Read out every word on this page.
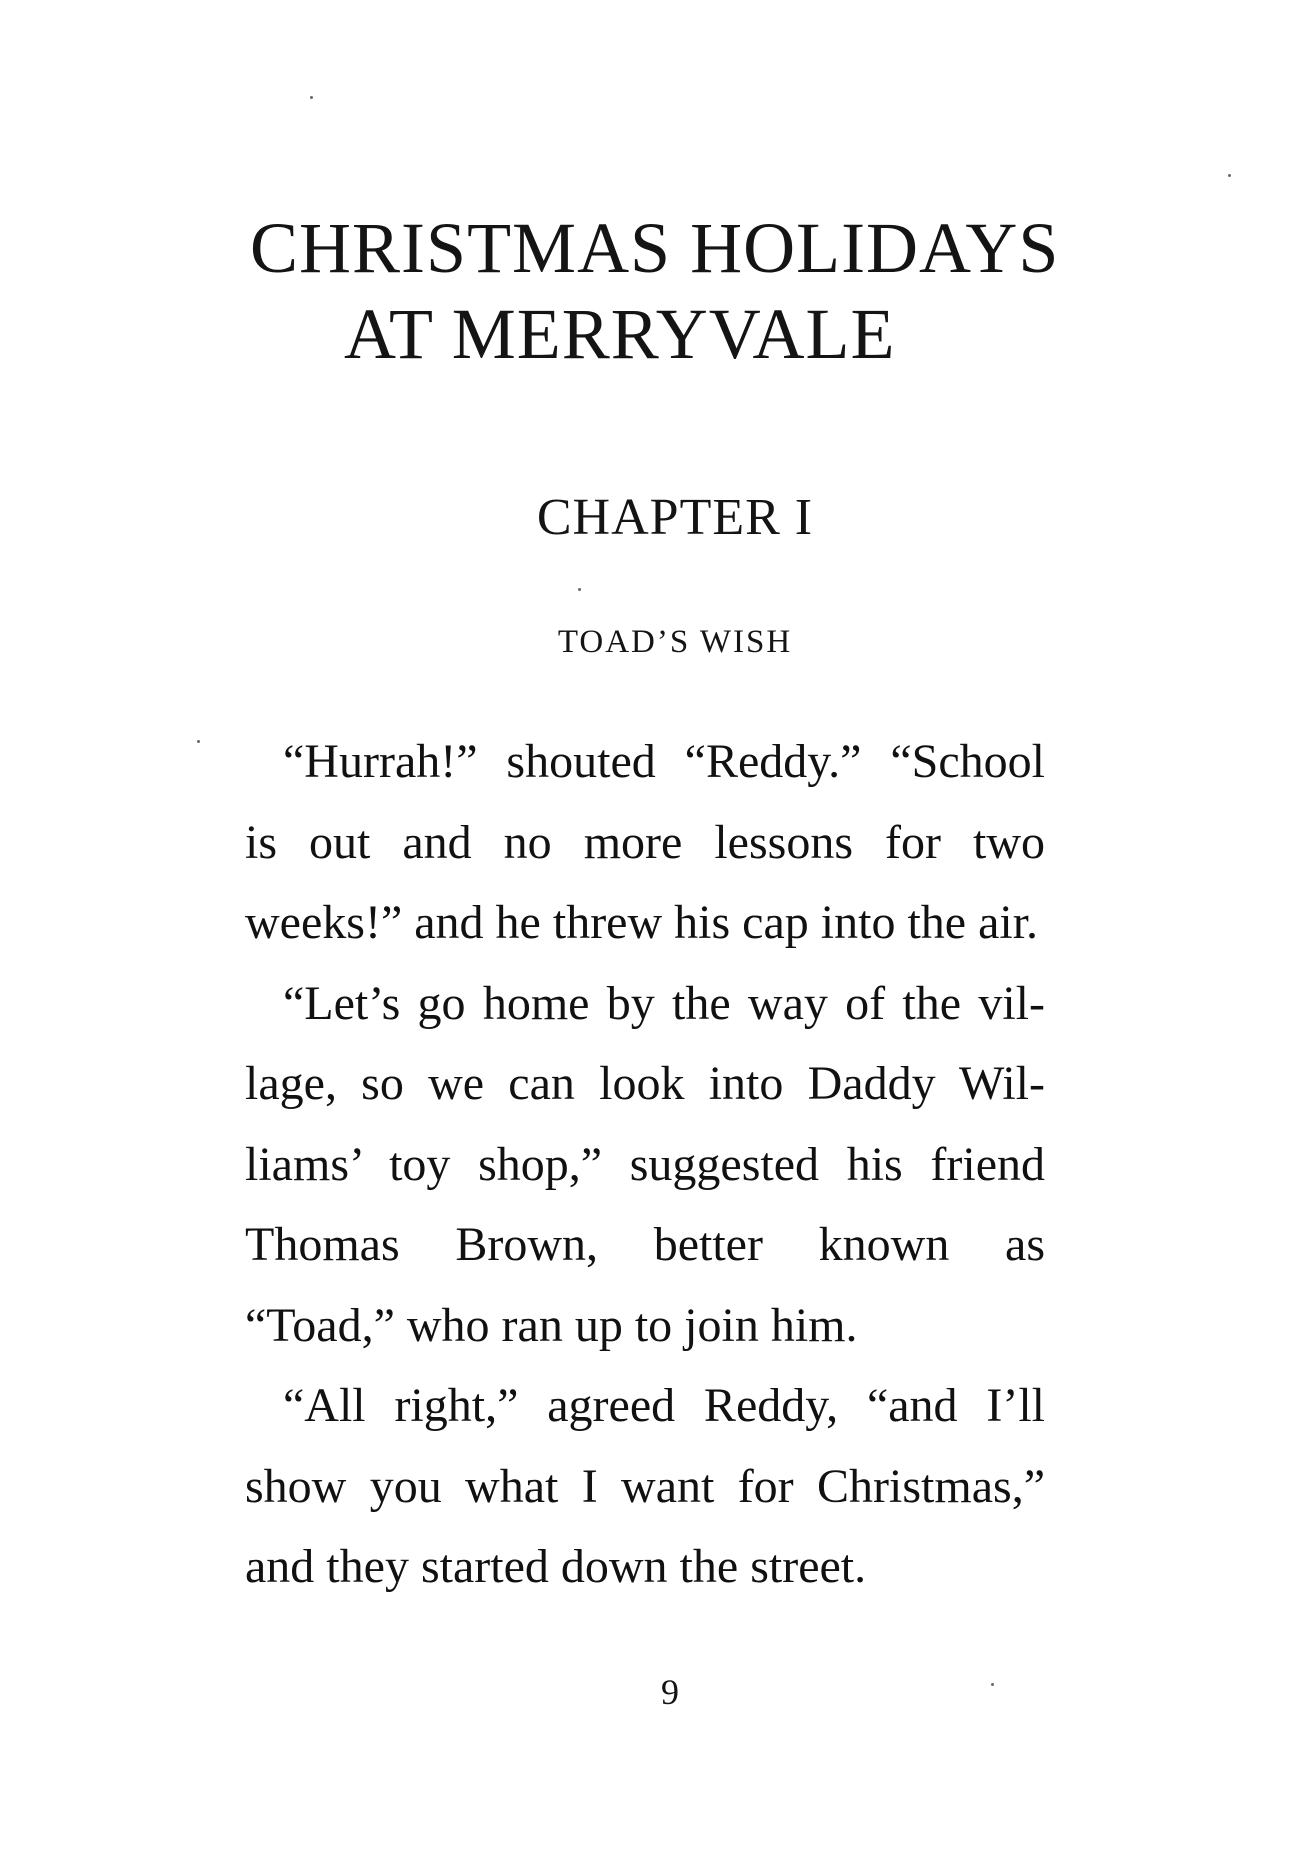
CHRISTMAS HOLIDAYS
AT MERRYVALE
CHAPTER I
TOAD’S WISH
“Hurrah!” shouted “Reddy.” “School
is out and no more lessons for two
weeks!” and he threw his cap into the air.
“Let’s go home by the way of the vil-
lage, so we can look into Daddy Wil-
liams’ toy shop,” suggested his friend
Thomas Brown, better known as
“Toad,” who ran up to join him.
“All right,” agreed Reddy, “and I’ll
show you what I want for Christmas,”
and they started down the street.
9
